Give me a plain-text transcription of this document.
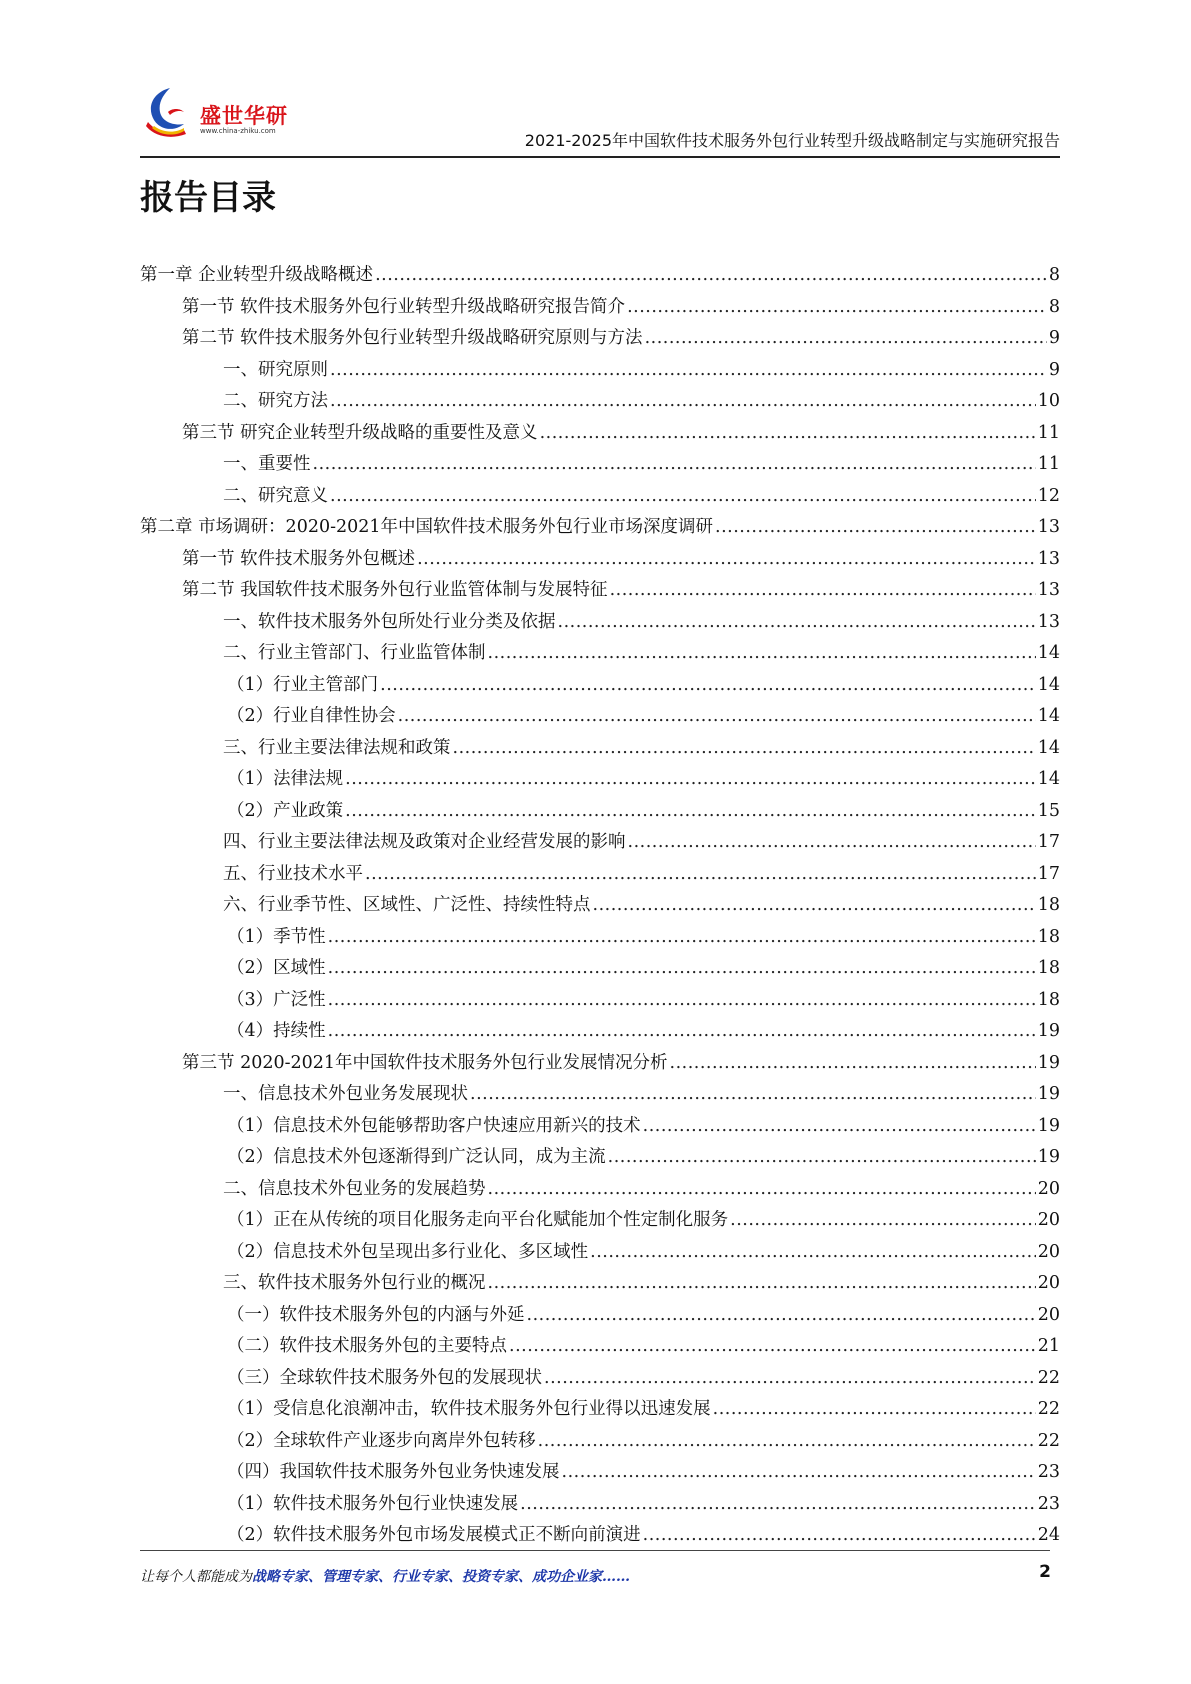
盛世华研
www.china-zhiku.com	2021-2025年中国软件技术服务外包行业转型升级战略制定与实施研究报告
报告目录
第一章 企业转型升级战略概述 .....	8
第一节 软件技术服务外包行业转型升级战略研究报告简介 .....	8
第二节 软件技术服务外包行业转型升级战略研究原则与方法 .....	9
一、研究原则 .....	9
二、研究方法 .....	10
第三节 研究企业转型升级战略的重要性及意义 .....	11
一、重要性 .....	11
二、研究意义 .....	12
第二章 市场调研：2020-2021年中国软件技术服务外包行业市场深度调研 .....	13
第一节 软件技术服务外包概述 .....	13
第二节 我国软件技术服务外包行业监管体制与发展特征 .....	13
一、软件技术服务外包所处行业分类及依据 .....	13
二、行业主管部门、行业监管体制 .....	14
（1）行业主管部门 .....	14
（2）行业自律性协会 .....	14
三、行业主要法律法规和政策 .....	14
（1）法律法规 .....	14
（2）产业政策 .....	15
四、行业主要法律法规及政策对企业经营发展的影响 .....	17
五、行业技术水平 .....	17
六、行业季节性、区域性、广泛性、持续性特点 .....	18
（1）季节性 .....	18
（2）区域性 .....	18
（3）广泛性 .....	18
（4）持续性 .....	19
第三节 2020-2021年中国软件技术服务外包行业发展情况分析 .....	19
一、信息技术外包业务发展现状 .....	19
（1）信息技术外包能够帮助客户快速应用新兴的技术 .....	19
（2）信息技术外包逐渐得到广泛认同，成为主流 .....	19
二、信息技术外包业务的发展趋势 .....	20
（1）正在从传统的项目化服务走向平台化赋能加个性定制化服务 .....	20
（2）信息技术外包呈现出多行业化、多区域性 .....	20
三、软件技术服务外包行业的概况 .....	20
（一）软件技术服务外包的内涵与外延 .....	20
（二）软件技术服务外包的主要特点 .....	21
（三）全球软件技术服务外包的发展现状 .....	22
（1）受信息化浪潮冲击，软件技术服务外包行业得以迅速发展 .....	22
（2）全球软件产业逐步向离岸外包转移 .....	22
（四）我国软件技术服务外包业务快速发展 .....	23
（1）软件技术服务外包行业快速发展 .....	23
（2）软件技术服务外包市场发展模式正不断向前演进 .....	24
让每个人都能成为战略专家、管理专家、行业专家、投资专家、成功企业家……	2
